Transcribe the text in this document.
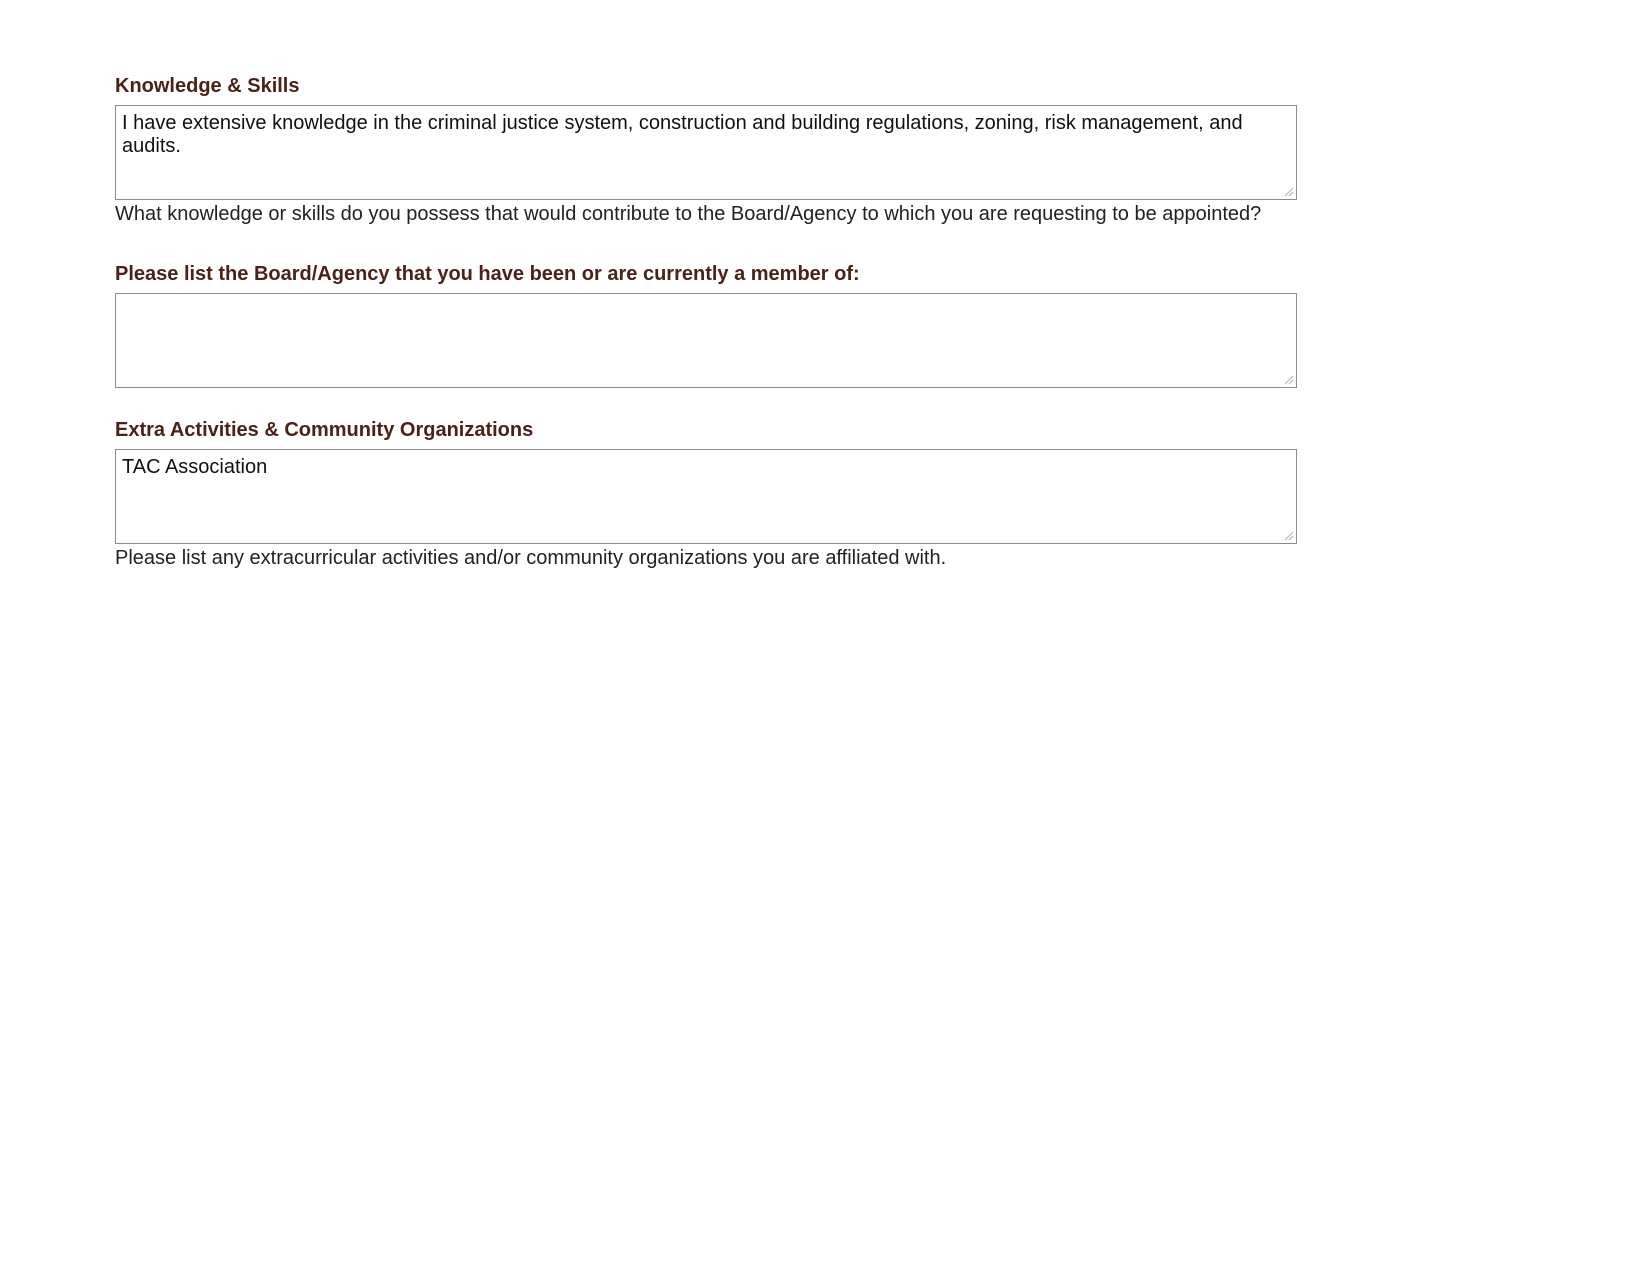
Knowledge & Skills
I have extensive knowledge in the criminal justice system, construction and building regulations, zoning, risk management, and audits.
What knowledge or skills do you possess that would contribute to the Board/Agency to which you are requesting to be appointed?
Please list the Board/Agency that you have been or are currently a member of:
Extra Activities & Community Organizations
TAC Association
Please list any extracurricular activities and/or community organizations you are affiliated with.
